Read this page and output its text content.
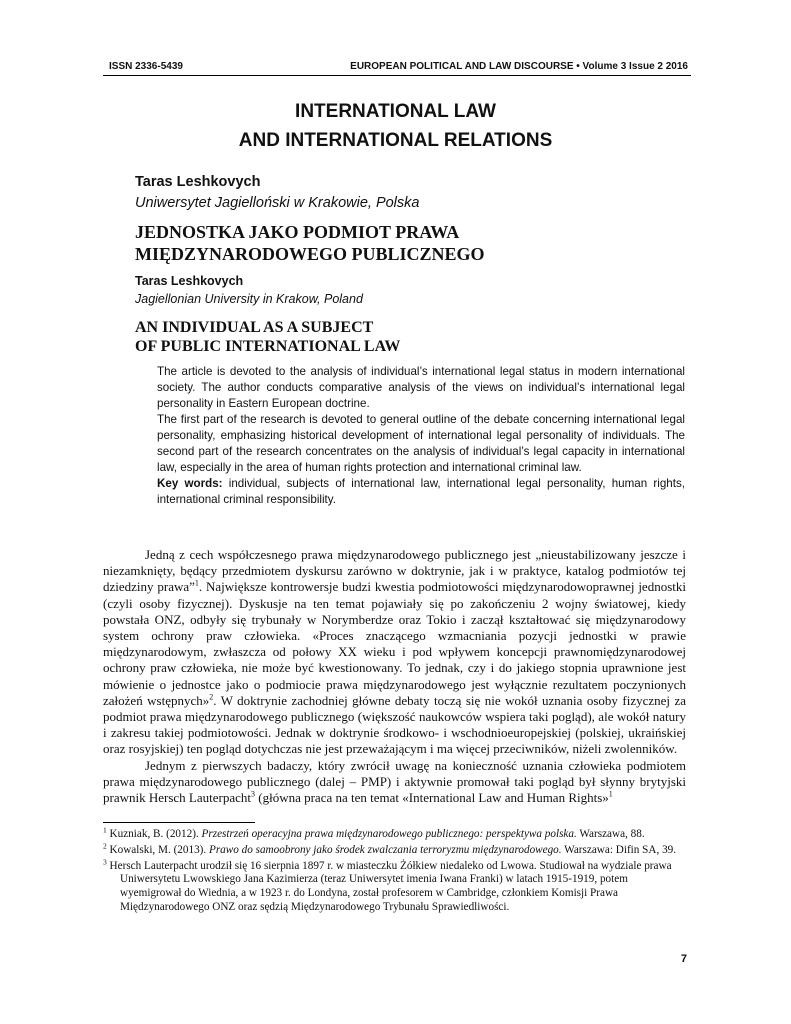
ISSN 2336-5439	EUROPEAN POLITICAL AND LAW DISCOURSE • Volume 3 Issue 2 2016
INTERNATIONAL LAW
AND INTERNATIONAL RELATIONS
Taras Leshkovych
Uniwersytet Jagielloński w Krakowie, Polska
JEDNOSTKA JAKO PODMIOT PRAWA
MIĘDZYNARODOWEGO PUBLICZNEGO
Taras Leshkovych
Jagiellonian University in Krakow, Poland
AN INDIVIDUAL AS A SUBJECT
OF PUBLIC INTERNATIONAL LAW

The article is devoted to the analysis of individual’s international legal status in modern international society. The author conducts comparative analysis of the views on individual’s international legal personality in Eastern European doctrine.

The first part of the research is devoted to general outline of the debate concerning international legal personality, emphasizing historical development of international legal personality of individuals. The second part of the research concentrates on the analysis of individual’s legal capacity in international law, especially in the area of human rights protection and international criminal law.

Key words: individual, subjects of international law, international legal personality, human rights, international criminal responsibility.

Jedną z cech współczesnego prawa międzynarodowego publicznego jest „nieustabilizowany jeszcze i niezamknięty, będący przedmiotem dyskursu zarówno w doktrynie, jak i w praktyce, katalog podmiotów tej dziedziny prawa”$^1$. Największe kontrowersje budzi kwestia podmiotowości międzynarodowoprawnej jednostki (czyli osoby fizycznej). Dyskusje na ten temat pojawiały się po zakończeniu 2 wojny światowej, kiedy powstała ONZ, odbyły się trybunały w Norymberdze oraz Tokio i zaczął kształtować się międzynarodowy system ochrony praw człowieka. «Proces znaczącego wzmacniania pozycji jednostki w prawie międzynarodowym, zwłaszcza od połowy XX wieku i pod wpływem koncepcji prawnomiędzynarodowej ochrony praw człowieka, nie może być kwestionowany. To jednak, czy i do jakiego stopnia uprawnione jest mówienie o jednostce jako o podmiocie prawa międzynarodowego jest wyłącznie rezultatem poczynionych założeń wstępnych»$^2$. W doktrynie zachodniej główne debaty toczą się nie wokół uznania osoby fizycznej za podmiot prawa międzynarodowego publicznego (większość naukowców wspiera taki pogląd), ale wokół natury i zakresu takiej podmiotowości. Jednak w doktrynie środkowo- i wschodnioeuropejskiej (polskiej, ukraińskiej oraz rosyjskiej) ten pogląd dotychczas nie jest przeważającym i ma więcej przeciwników, niżeli zwolenników.

Jednym z pierwszych badaczy, który zwrócił uwagę na konieczność uznania człowieka podmiotem prawa międzynarodowego publicznego (dalej – PMP) i aktywnie promował taki pogląd był słynny brytyjski prawnik Hersch Lauterpacht$^3$ (główna praca na ten temat «International Law and Human Rights»$^1$

$^1$ Kuzniak, B. (2012). Przestrzeń operacyjna prawa międzynarodowego publicznego: perspektywa polska. Warszawa, 88.

$^2$ Kowalski, M. (2013). Prawo do samoobrony jako środek zwalczania terroryzmu międzynarodowego. Warszawa: Difin SA, 39.

$^3$ Hersch Lauterpacht urodził się 16 sierpnia 1897 r. w miasteczku Żółkiew niedaleko od Lwowa. Studiował na wydziale prawa Uniwersytetu Lwowskiego Jana Kazimierza (teraz Uniwersytet imenia Iwana Franki) w latach 1915-1919, potem wyemigrował do Wiednia, a w 1923 r. do Londyna, został profesorem w Cambridge, członkiem Komisji Prawa Międzynarodowego ONZ oraz sędzią Międzynarodowego Trybunału Sprawiedliwości.

7
